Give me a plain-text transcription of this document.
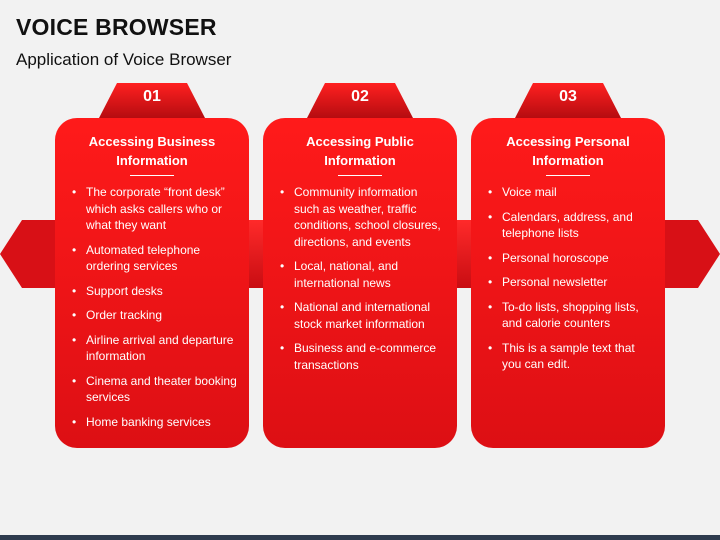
VOICE BROWSER
Application of Voice Browser
01
Accessing Business Information
• The corporate “front desk” which asks callers who or what they want
• Automated telephone ordering services
• Support desks
• Order tracking
• Airline arrival and departure information
• Cinema and theater booking services
• Home banking services
02
Accessing Public Information
• Community information such as weather, traffic conditions, school closures, directions, and events
• Local, national, and international news
• National and international stock market information
• Business and e-commerce transactions
03
Accessing Personal Information
• Voice mail
• Calendars, address, and telephone lists
• Personal horoscope
• Personal newsletter
• To-do lists, shopping lists, and calorie counters
• This is a sample text that you can edit.
